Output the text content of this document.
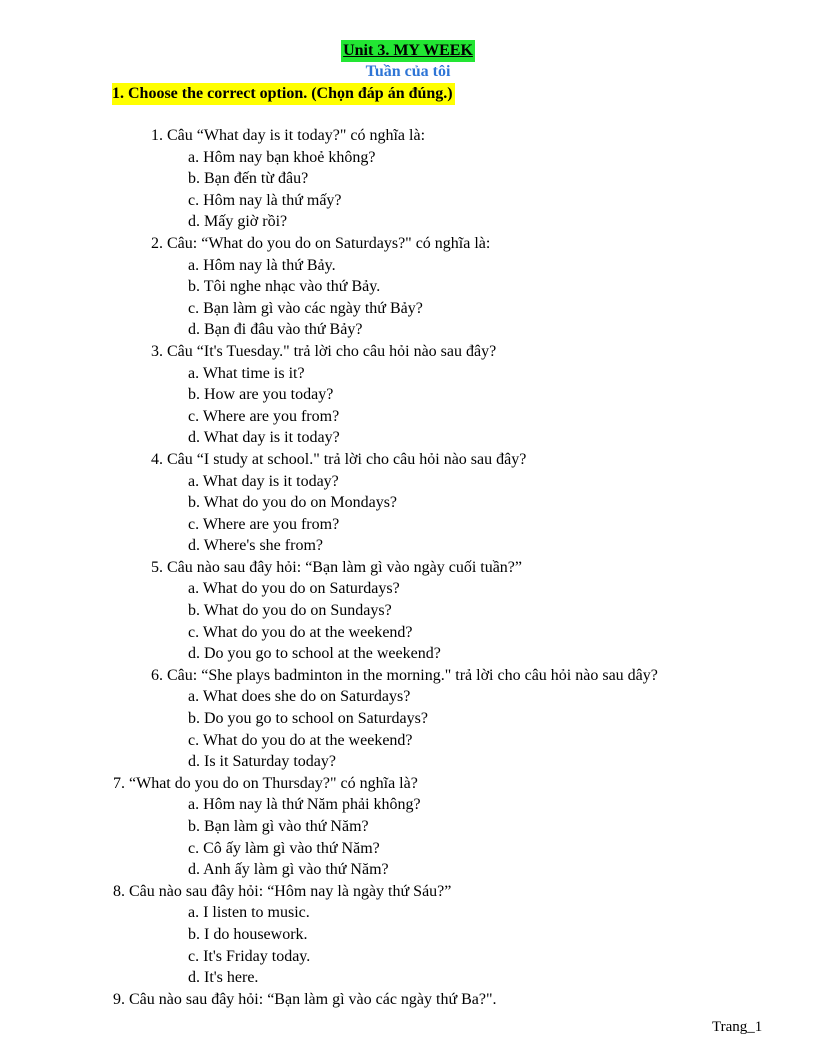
Unit 3. MY WEEK
Tuần của tôi
1. Choose the correct option. (Chọn đáp án đúng.)
1. Câu “What day is it today?" có nghĩa là:
a. Hôm nay bạn khoẻ không?
b. Bạn đến từ đâu?
c. Hôm nay là thứ mấy?
d. Mấy giờ rồi?
2. Câu: “What do you do on Saturdays?" có nghĩa là:
a. Hôm nay là thứ Bảy.
b. Tôi nghe nhạc vào thứ Bảy.
c. Bạn làm gì vào các ngày thứ Bảy?
d. Bạn đi đâu vào thứ Bảy?
3. Câu “It's Tuesday." trả lời cho câu hỏi nào sau đây?
a. What time is it?
b. How are you today?
c. Where are you from?
d. What day is it today?
4. Câu “I study at school." trả lời cho câu hỏi nào sau đây?
a. What day is it today?
b. What do you do on Mondays?
c. Where are you from?
d. Where's she from?
5. Câu nào sau đây hỏi: “Bạn làm gì vào ngày cuối tuần?”
a. What do you do on Saturdays?
b. What do you do on Sundays?
c. What do you do at the weekend?
d. Do you go to school at the weekend?
6. Câu: “She plays badminton in the morning." trả lời cho câu hỏi nào sau dây?
a. What does she do on Saturdays?
b. Do you go to school on Saturdays?
c. What do you do at the weekend?
d. Is it Saturday today?
7. “What do you do on Thursday?" có nghĩa là?
a. Hôm nay là thứ Năm phải không?
b. Bạn làm gì vào thứ Năm?
c. Cô ấy làm gì vào thứ Năm?
d. Anh ấy làm gì vào thứ Năm?
8. Câu nào sau đây hỏi: “Hôm nay là ngày thứ Sáu?”
a. I listen to music.
b. I do housework.
c. It's Friday today.
d. It's here.
9. Câu nào sau đây hỏi: “Bạn làm gì vào các ngày thứ Ba?".
Trang_1
